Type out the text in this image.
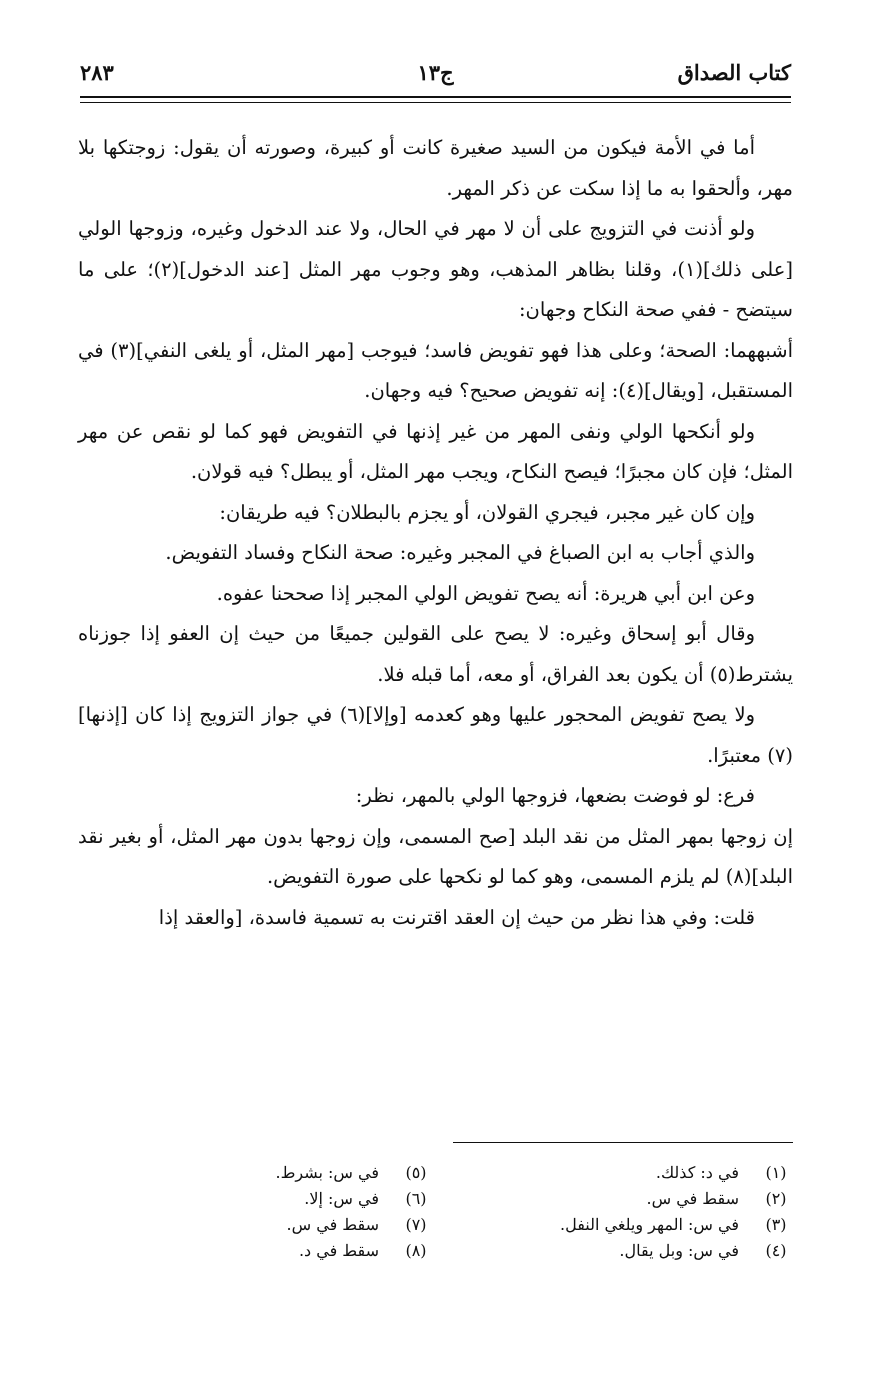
كتاب الصداق
ج١٣
٢٨٣

أما في الأمة فيكون من السيد صغيرة كانت أو كبيرة، وصورته أن يقول: زوجتكها بلا مهر، وألحقوا به ما إذا سكت عن ذكر المهر.

ولو أذنت في التزويج على أن لا مهر في الحال، ولا عند الدخول وغيره، وزوجها الولي [على ذلك](١)، وقلنا بظاهر المذهب، وهو وجوب مهر المثل [عند الدخول](٢)؛ على ما سيتضح - ففي صحة النكاح وجهان:

أشبههما: الصحة؛ وعلى هذا فهو تفويض فاسد؛ فيوجب [مهر المثل، أو يلغى النفي](٣) في المستقبل، [ويقال](٤): إنه تفويض صحيح؟ فيه وجهان.

ولو أنكحها الولي ونفى المهر من غير إذنها في التفويض فهو كما لو نقص عن مهر المثل؛ فإن كان مجبرًا؛ فيصح النكاح، ويجب مهر المثل، أو يبطل؟ فيه قولان.

وإن كان غير مجبر، فيجري القولان، أو يجزم بالبطلان؟ فيه طريقان:

والذي أجاب به ابن الصباغ في المجبر وغيره: صحة النكاح وفساد التفويض.

وعن ابن أبي هريرة: أنه يصح تفويض الولي المجبر إذا صححنا عفوه.

وقال أبو إسحاق وغيره: لا يصح على القولين جميعًا من حيث إن العفو إذا جوزناه يشترط(٥) أن يكون بعد الفراق، أو معه، أما قبله فلا.

ولا يصح تفويض المحجور عليها وهو كعدمه [وإلا](٦) في جواز التزويج إذا كان [إذنها](٧) معتبرًا.

فرع: لو فوضت بضعها، فزوجها الولي بالمهر، نظر:

إن زوجها بمهر المثل من نقد البلد [صح المسمى، وإن زوجها بدون مهر المثل، أو بغير نقد البلد](٨) لم يلزم المسمى، وهو كما لو نكحها على صورة التفويض.

قلت: وفي هذا نظر من حيث إن العقد اقترنت به تسمية فاسدة، [والعقد إذا

(١)
في د: كذلك.
(٢)
سقط في س.
(٣)
في س: المهر ويلغي النفل.
(٤)
في س: وبل يقال.
(٥)
في س: بشرط.
(٦)
في س: إلا.
(٧)
سقط في س.
(٨)
سقط في د.
